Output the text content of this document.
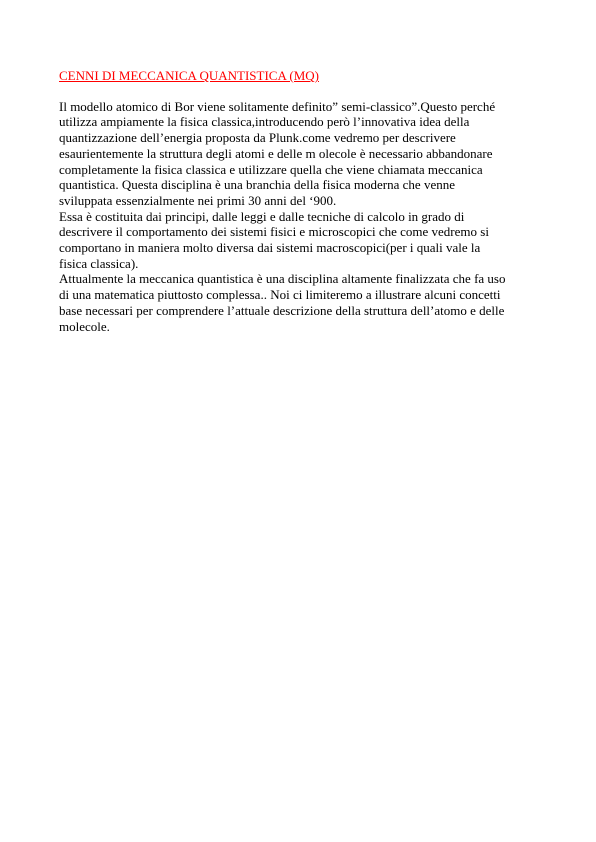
CENNI DI MECCANICA QUANTISTICA (MQ)

Il modello atomico di Bor viene solitamente definito” semi-classico”.Questo perché
utilizza ampiamente la fisica classica,introducendo però l’innovativa idea della
quantizzazione dell’energia proposta da Plunk.come vedremo per descrivere
esaurientemente la struttura degli atomi e delle m olecole è necessario abbandonare
completamente la fisica classica e utilizzare quella che viene chiamata meccanica
quantistica. Questa disciplina è una branchia della fisica moderna che venne
sviluppata essenzialmente nei primi 30 anni del ‘900.

Essa è costituita dai principi, dalle leggi e dalle tecniche di calcolo in grado di
descrivere il comportamento dei sistemi fisici e microscopici che come vedremo si
comportano in maniera molto diversa dai sistemi macroscopici(per i quali vale la
fisica classica).

Attualmente la meccanica quantistica è una disciplina altamente finalizzata che fa uso
di una matematica piuttosto complessa.. Noi ci limiteremo a illustrare alcuni concetti
base necessari per comprendere l’attuale descrizione della struttura dell’atomo e delle
molecole.
